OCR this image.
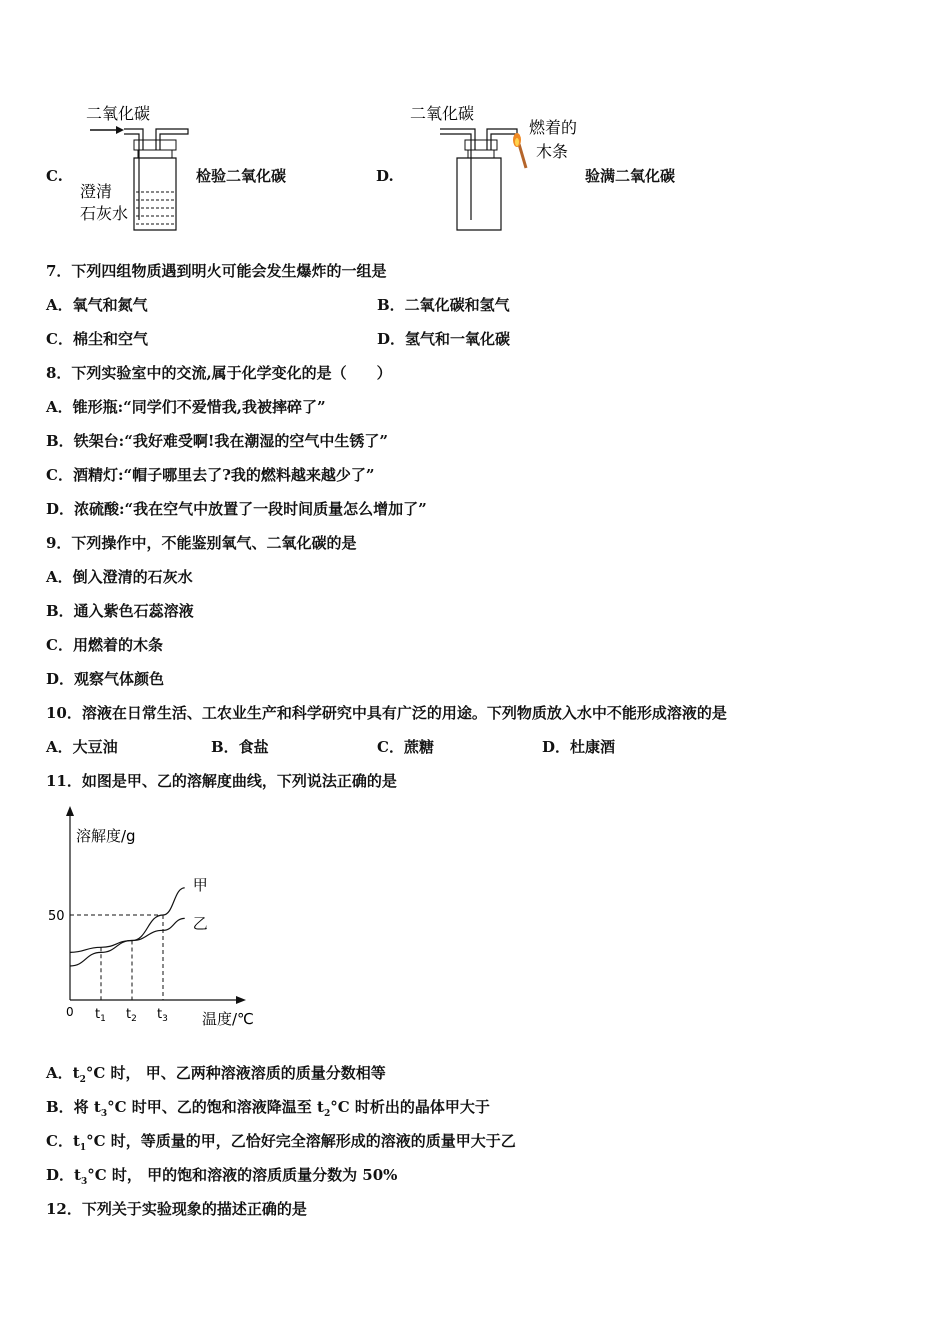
C.
二氧化碳
澄清
石灰水
检验二氧化碳	D.
二氧化碳
燃着的
木条
验满二氧化碳
7．下列四组物质遇到明火可能会发生爆炸的一组是
A．氧气和氮气	B．二氧化碳和氢气
C．棉尘和空气	D．氢气和一氧化碳
8．下列实验室中的交流,属于化学变化的是（　　）
A．锥形瓶:“同学们不爱惜我,我被摔碎了”
B．铁架台:“我好难受啊!我在潮湿的空气中生锈了”
C．酒精灯:“帽子哪里去了?我的燃料越来越少了”
D．浓硫酸:“我在空气中放置了一段时间质量怎么增加了”
9．下列操作中，不能鉴别氧气、二氧化碳的是
A．倒入澄清的石灰水
B．通入紫色石蕊溶液
C．用燃着的木条
D．观察气体颜色
10．溶液在日常生活、工农业生产和科学研究中具有广泛的用途。下列物质放入水中不能形成溶液的是
A．大豆油	B．食盐	C．蔗糖	D．杜康酒
11．如图是甲、乙的溶解度曲线，下列说法正确的是
溶解度/g
温度/℃
0
甲
乙
$t_1$ $t_2$ $t_3$
50
A．$t_2^\circ C$ 时， 甲、乙两种溶液溶质的质量分数相等
B．将 $t_3^\circ C$ 时甲、乙的饱和溶液降温至 $t_2^\circ C$ 时析出的晶体甲大于
C．$t_1^\circ C$ 时，等质量的甲，乙恰好完全溶解形成的溶液的质量甲大于乙
D．$t_3^\circ C$ 时， 甲的饱和溶液的溶质质量分数为 50%
12．下列关于实验现象的描述正确的是
